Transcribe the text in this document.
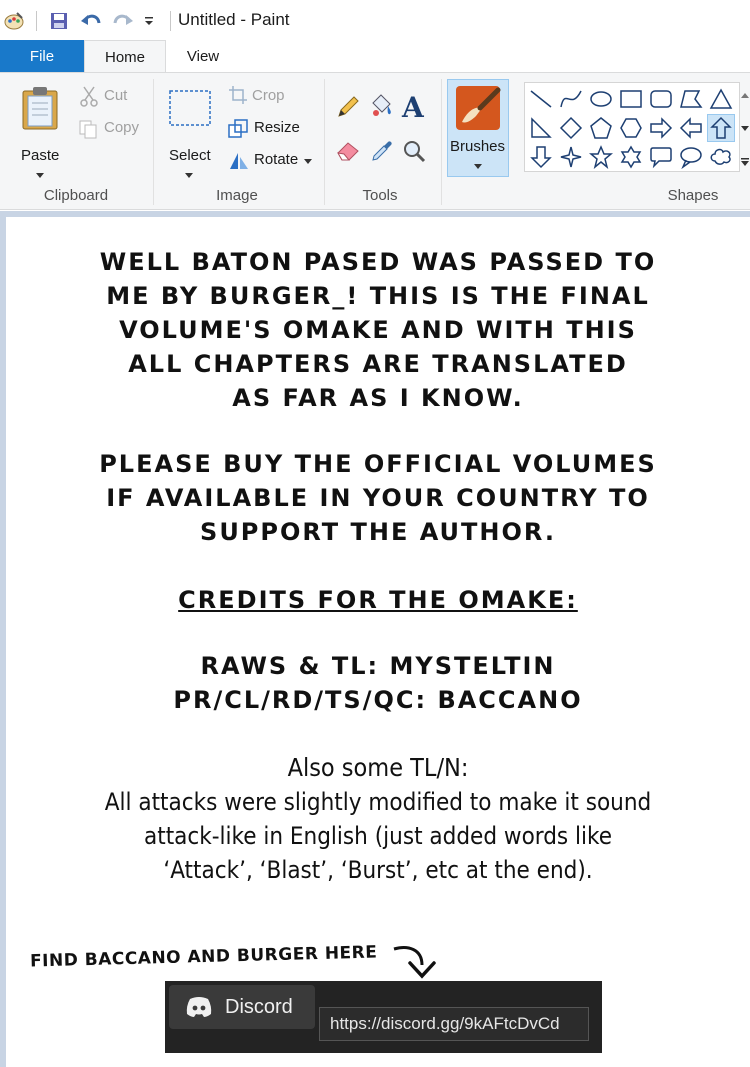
Untitled - Paint
File	Home	View
Paste
Cut
Copy
Clipboard
Select
Crop
Resize
Rotate
Image
A
Tools
Brushes
Shapes
WELL BATON PASED WAS PASSED TO
ME BY BURGER_! THIS IS THE FINAL
VOLUME'S OMAKE AND WITH THIS
ALL CHAPTERS ARE TRANSLATED
AS FAR AS I KNOW.
PLEASE BUY THE OFFICIAL VOLUMES
IF AVAILABLE IN YOUR COUNTRY TO
SUPPORT THE AUTHOR.
CREDITS FOR THE OMAKE:
RAWS & TL: MYSTELTIN
PR/CL/RD/TS/QC: BACCANO
Also some TL/N:
All attacks were slightly modified to make it sound
attack-like in English (just added words like
‘Attack’, ‘Blast’, ‘Burst’, etc at the end).
FIND BACCANO AND BURGER HERE
Discord
https://discord.gg/9kAFtcDvCd
